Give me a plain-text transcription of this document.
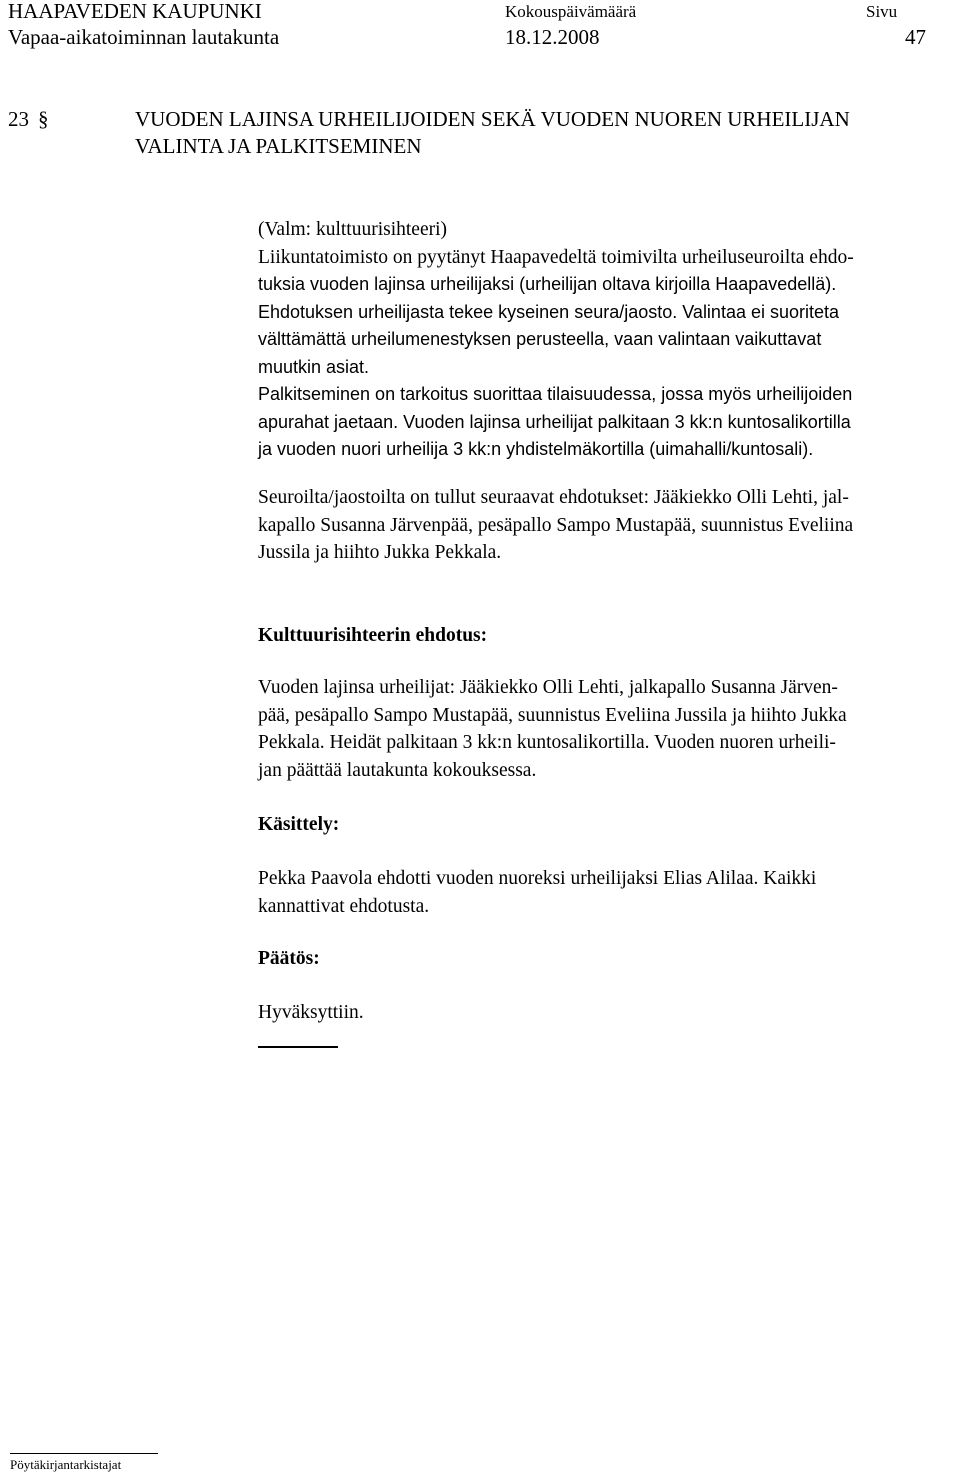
HAAPAVEDEN KAUPUNKI
Vapaa-aikatoiminnan lautakunta
Kokouspäivämäärä
18.12.2008
Sivu
47
23 §	VUODEN LAJINSA URHEILIJOIDEN SEKÄ VUODEN NUOREN URHEILIJAN
VALINTA JA PALKITSEMINEN

(Valm: kulttuurisihteeri)

Liikuntatoimisto on pyytänyt Haapavedeltä toimivilta urheiluseuroilta ehdo-

tuksia vuoden lajinsa urheilijaksi (urheilijan oltava kirjoilla Haapavedellä).

Ehdotuksen urheilijasta tekee kyseinen seura/jaosto. Valintaa ei suoriteta

välttämättä urheilumenestyksen perusteella, vaan valintaan vaikuttavat

muutkin asiat.

Palkitseminen on tarkoitus suorittaa tilaisuudessa, jossa myös urheilijoiden

apurahat jaetaan. Vuoden lajinsa urheilijat palkitaan 3 kk:n kuntosalikortilla

ja vuoden nuori urheilija 3 kk:n yhdistelmäkortilla (uimahalli/kuntosali).

Seuroilta/jaostoilta on tullut seuraavat ehdotukset: Jääkiekko Olli Lehti, jal-

kapallo Susanna Järvenpää, pesäpallo Sampo Mustapää, suunnistus Eveliina

Jussila ja hiihto Jukka Pekkala.

Kulttuurisihteerin ehdotus:

Vuoden lajinsa urheilijat: Jääkiekko Olli Lehti, jalkapallo Susanna Järven-

pää, pesäpallo Sampo Mustapää, suunnistus Eveliina Jussila ja hiihto Jukka

Pekkala. Heidät palkitaan 3 kk:n kuntosalikortilla. Vuoden nuoren urheili-

jan päättää lautakunta kokouksessa.

Käsittely:

Pekka Paavola ehdotti vuoden nuoreksi urheilijaksi Elias Alilaa. Kaikki

kannattivat ehdotusta.

Päätös:
Hyväksyttiin.
Pöytäkirjantarkistajat
